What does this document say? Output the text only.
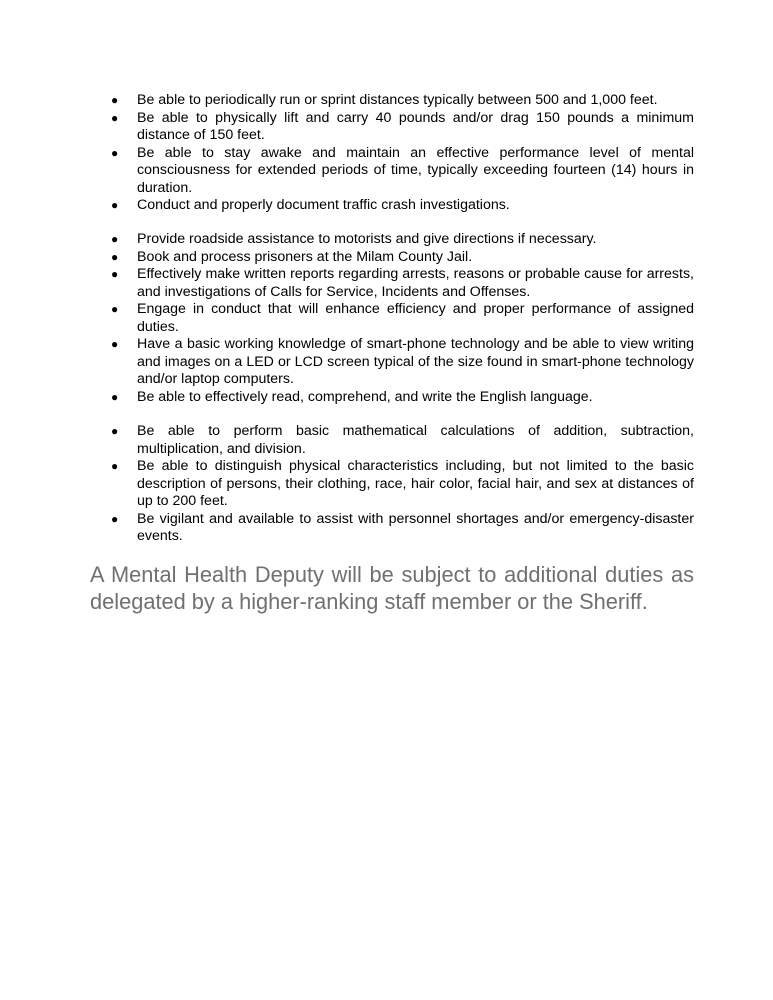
● Be able to periodically run or sprint distances typically between 500 and 1,000 feet.
● Be able to physically lift and carry 40 pounds and/or drag 150 pounds a minimum distance of 150 feet.
● Be able to stay awake and maintain an effective performance level of mental consciousness for extended periods of time, typically exceeding fourteen (14) hours in duration.
● Conduct and properly document traffic crash investigations.
● Provide roadside assistance to motorists and give directions if necessary.
● Book and process prisoners at the Milam County Jail.
● Effectively make written reports regarding arrests, reasons or probable cause for arrests, and investigations of Calls for Service, Incidents and Offenses.
● Engage in conduct that will enhance efficiency and proper performance of assigned duties.
● Have a basic working knowledge of smart-phone technology and be able to view writing and images on a LED or LCD screen typical of the size found in smart-phone technology and/or laptop computers.
● Be able to effectively read, comprehend, and write the English language.
● Be able to perform basic mathematical calculations of addition, subtraction, multiplication, and division.
● Be able to distinguish physical characteristics including, but not limited to the basic description of persons, their clothing, race, hair color, facial hair, and sex at distances of up to 200 feet.
● Be vigilant and available to assist with personnel shortages and/or emergency-disaster events.

A Mental Health Deputy will be subject to additional duties as delegated by a higher-ranking staff member or the Sheriff.
